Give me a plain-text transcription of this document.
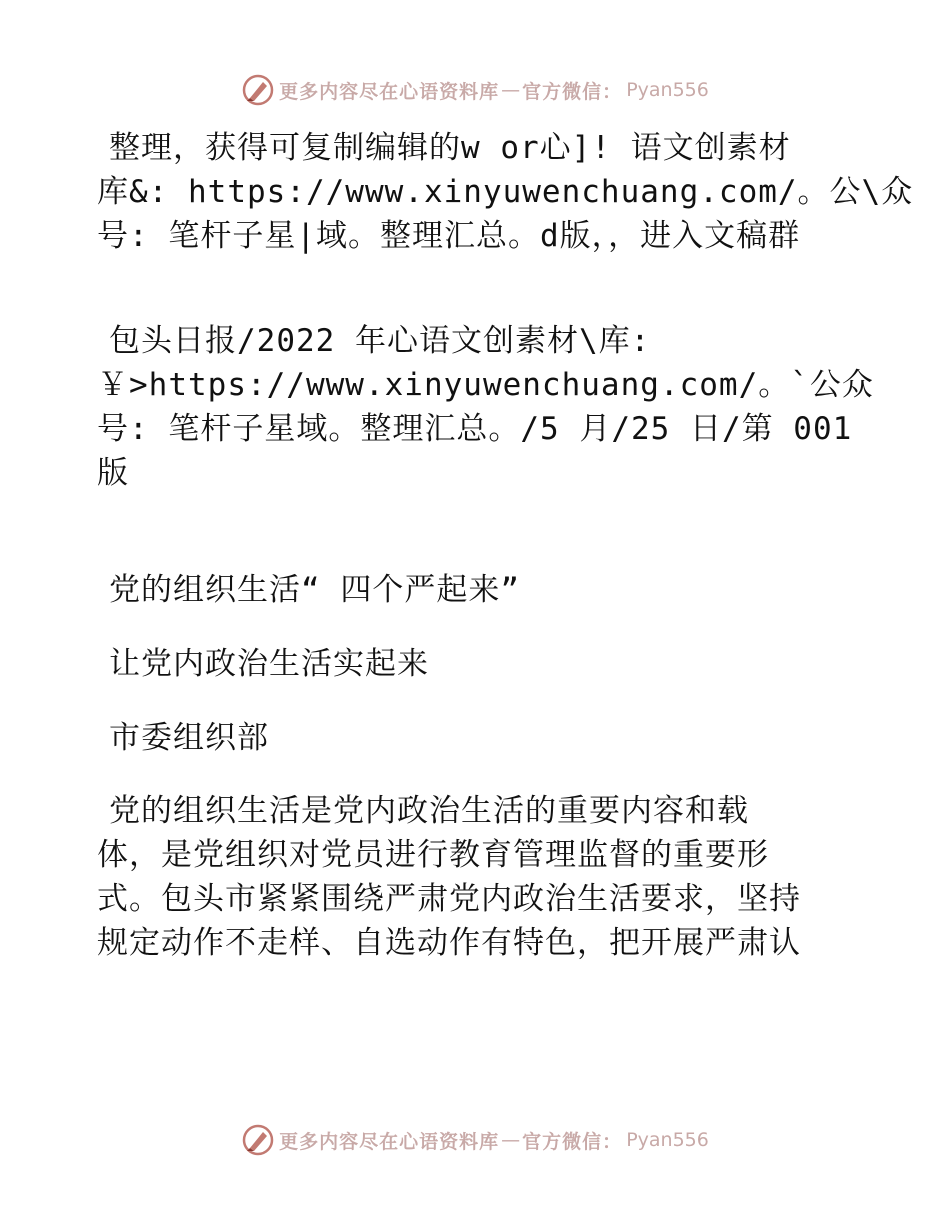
更多内容尽在心语资料库 — 官方微信： Pyan556
整理，获得可复制编辑的w or心]! 语文创素材
库&: https://www.xinyuwenchuang.com/。公\众
号: 笔杆子星|域。整理汇总。d版，，进入文稿群
包头日报/2022 年心语文创素材\库:
￥>https://www.xinyuwenchuang.com/。`公众
号: 笔杆子星域。整理汇总。/5 月/25 日/第 001
版
党的组织生活“ 四个严起来”
让党内政治生活实起来
市委组织部
党的组织生活是党内政治生活的重要内容和载
体，是党组织对党员进行教育管理监督的重要形
式。包头市紧紧围绕严肃党内政治生活要求，坚持
规定动作不走样、自选动作有特色，把开展严肃认
更多内容尽在心语资料库 — 官方微信： Pyan556
